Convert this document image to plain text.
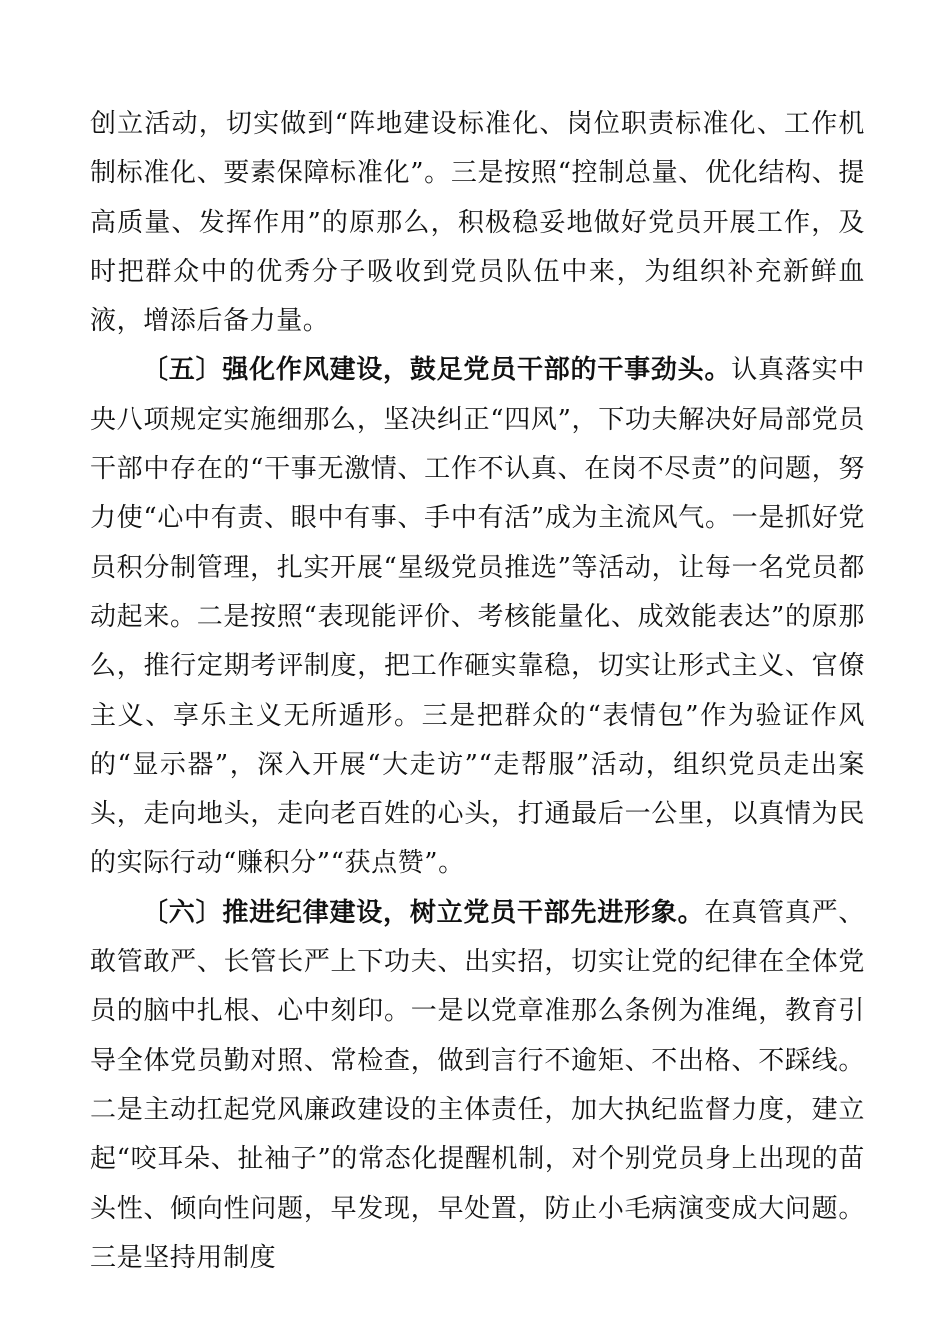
创立活动，切实做到“阵地建设标准化、岗位职责标准化、工作机制标准化、要素保障标准化”。三是按照“控制总量、优化结构、提高质量、发挥作用”的原那么，积极稳妥地做好党员开展工作，及时把群众中的优秀分子吸收到党员队伍中来，为组织补充新鲜血液，增添后备力量。

〔五〕强化作风建设，鼓足党员干部的干事劲头。认真落实中央八项规定实施细那么，坚决纠正“四风”，下功夫解决好局部党员干部中存在的“干事无激情、工作不认真、在岗不尽责”的问题，努力使“心中有责、眼中有事、手中有活”成为主流风气。一是抓好党员积分制管理，扎实开展“星级党员推选”等活动，让每一名党员都动起来。二是按照“表现能评价、考核能量化、成效能表达”的原那么，推行定期考评制度，把工作砸实靠稳，切实让形式主义、官僚主义、享乐主义无所遁形。三是把群众的“表情包”作为验证作风的“显示器”，深入开展“大走访”“走帮服”活动，组织党员走出案头，走向地头，走向老百姓的心头，打通最后一公里，以真情为民的实际行动“赚积分”“获点赞”。

〔六〕推进纪律建设，树立党员干部先进形象。在真管真严、敢管敢严、长管长严上下功夫、出实招，切实让党的纪律在全体党员的脑中扎根、心中刻印。一是以党章准那么条例为准绳，教育引导全体党员勤对照、常检查，做到言行不逾矩、不出格、不踩线。二是主动扛起党风廉政建设的主体责任，加大执纪监督力度，建立起“咬耳朵、扯袖子”的常态化提醒机制，对个别党员身上出现的苗头性、倾向性问题，早发现，早处置，防止小毛病演变成大问题。三是坚持用制度
